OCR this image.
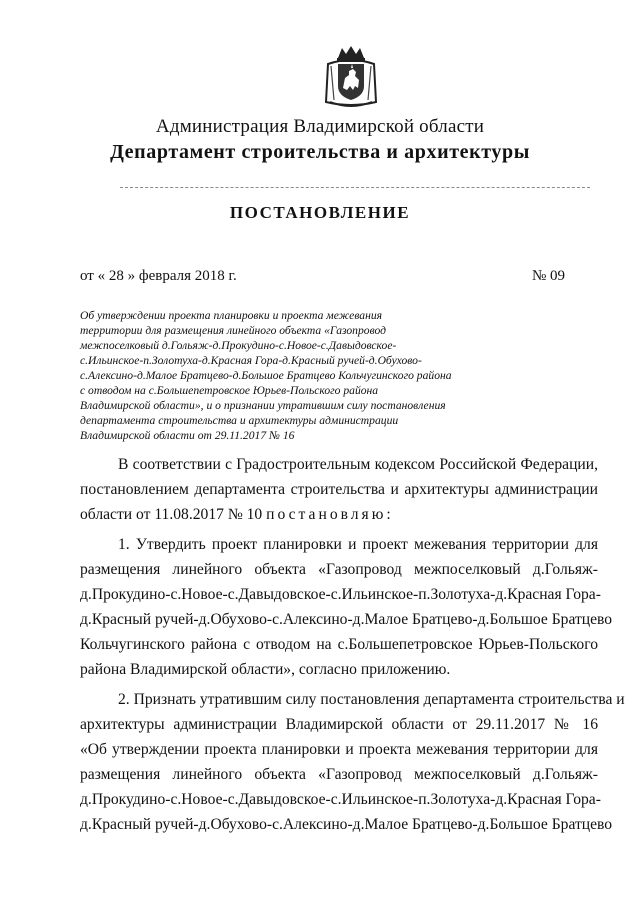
Администрация Владимирской области
Департамент строительства и архитектуры
ПОСТАНОВЛЕНИЕ
от « 28 » февраля 2018 г.	№ 09
Об утверждении проекта планировки и проекта межевания
территории для размещения линейного объекта «Газопровод
межпоселковый д.Гольяж-д.Прокудино-с.Новое-с.Давыдовское-
с.Ильинское-п.Золотуха-д.Красная Гора-д.Красный ручей-д.Обухово-
с.Алексино-д.Малое Братцево-д.Большое Братцево Кольчугинского района
с отводом на с.Большепетровское Юрьев-Польского района
Владимирской области», и о признании утратившим силу постановления
департамента строительства и архитектуры администрации
Владимирской области от 29.11.2017 № 16
В соответствии с Градостроительным кодексом Российской Федерации,
постановлением департамента строительства и архитектуры администрации
области от 11.08.2017 № 10 постановляю:
1. Утвердить проект планировки и проект межевания территории для
размещения линейного объекта «Газопровод межпоселковый д.Гольяж-
д.Прокудино-с.Новое-с.Давыдовское-с.Ильинское-п.Золотуха-д.Красная Гора-
д.Красный ручей-д.Обухово-с.Алексино-д.Малое Братцево-д.Большое Братцево
Кольчугинского района с отводом на с.Большепетровское Юрьев-Польского
района Владимирской области», согласно приложению.
2. Признать утратившим силу постановления департамента строительства и
архитектуры администрации Владимирской области от 29.11.2017 № 16
«Об утверждении проекта планировки и проекта межевания территории для
размещения линейного объекта «Газопровод межпоселковый д.Гольяж-
д.Прокудино-с.Новое-с.Давыдовское-с.Ильинское-п.Золотуха-д.Красная Гора-
д.Красный ручей-д.Обухово-с.Алексино-д.Малое Братцево-д.Большое Братцево
